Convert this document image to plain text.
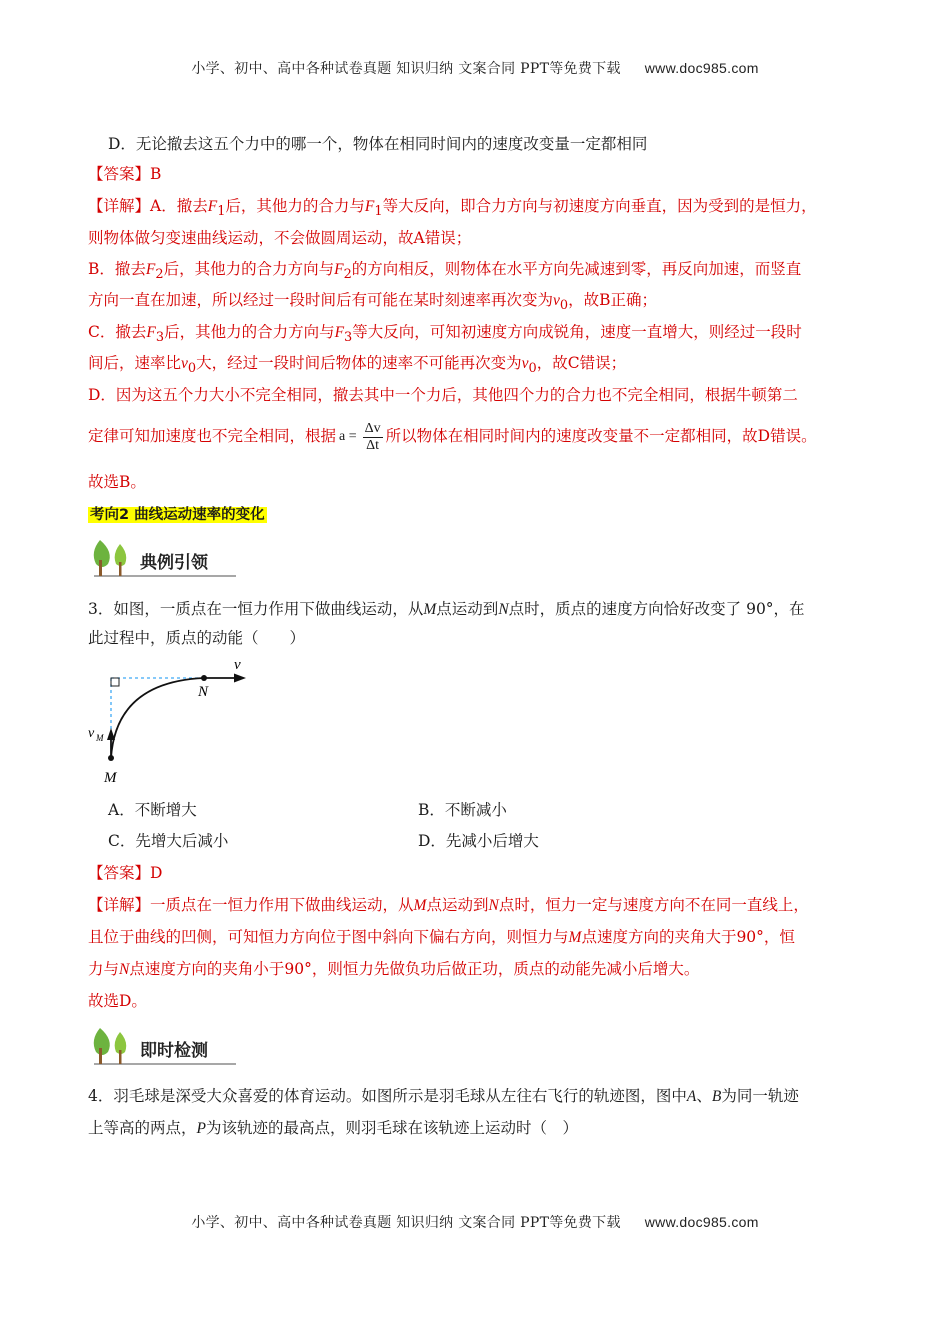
小学、初中、高中各种试卷真题 知识归纳 文案合同 PPT等免费下载 www.doc985.com
D．无论撤去这五个力中的哪一个，物体在相同时间内的速度改变量一定都相同
【答案】B
【详解】A．撤去$F_1$后，其他力的合力与$F_1$等大反向，即合力方向与初速度方向垂直，因为受到的是恒力，
则物体做匀变速曲线运动，不会做圆周运动，故A错误；
B．撤去$F_2$后，其他力的合力方向与$F_2$的方向相反，则物体在水平方向先减速到零，再反向加速，而竖直
方向一直在加速，所以经过一段时间后有可能在某时刻速率再次变为$v_0$，故B正确；
C．撤去$F_3$后，其他力的合力方向与$F_3$等大反向，可知初速度方向成锐角，速度一直增大，则经过一段时
间后，速率比$v_0$大，经过一段时间后物体的速率不可能再次变为$v_0$，故C错误；
D．因为这五个力大小不完全相同，撤去其中一个力后，其他四个力的合力也不完全相同，根据牛顿第二
定律可知加速度也不完全相同，根据 $a = \frac{\Delta v}{\Delta t}$ 所以物体在相同时间内的速度改变量不一定都相同，故D错误。
故选B。
考向2 曲线运动速率的变化
典例引领
3．如图，一质点在一恒力作用下做曲线运动，从M点运动到N点时，质点的速度方向恰好改变了 90°，在
此过程中，质点的动能（　　）
v
N
v M
M
A．不断增大	B．不断减小
C．先增大后减小	D．先减小后增大
【答案】D
【详解】一质点在一恒力作用下做曲线运动，从M点运动到N点时，恒力一定与速度方向不在同一直线上，
且位于曲线的凹侧，可知恒力方向位于图中斜向下偏右方向，则恒力与M点速度方向的夹角大于90°，恒
力与N点速度方向的夹角小于90°，则恒力先做负功后做正功，质点的动能先减小后增大。
故选D。
即时检测
4．羽毛球是深受大众喜爱的体育运动。如图所示是羽毛球从左往右飞行的轨迹图，图中A、B为同一轨迹
上等高的两点，P为该轨迹的最高点，则羽毛球在该轨迹上运动时（　）
小学、初中、高中各种试卷真题 知识归纳 文案合同 PPT等免费下载 www.doc985.com
